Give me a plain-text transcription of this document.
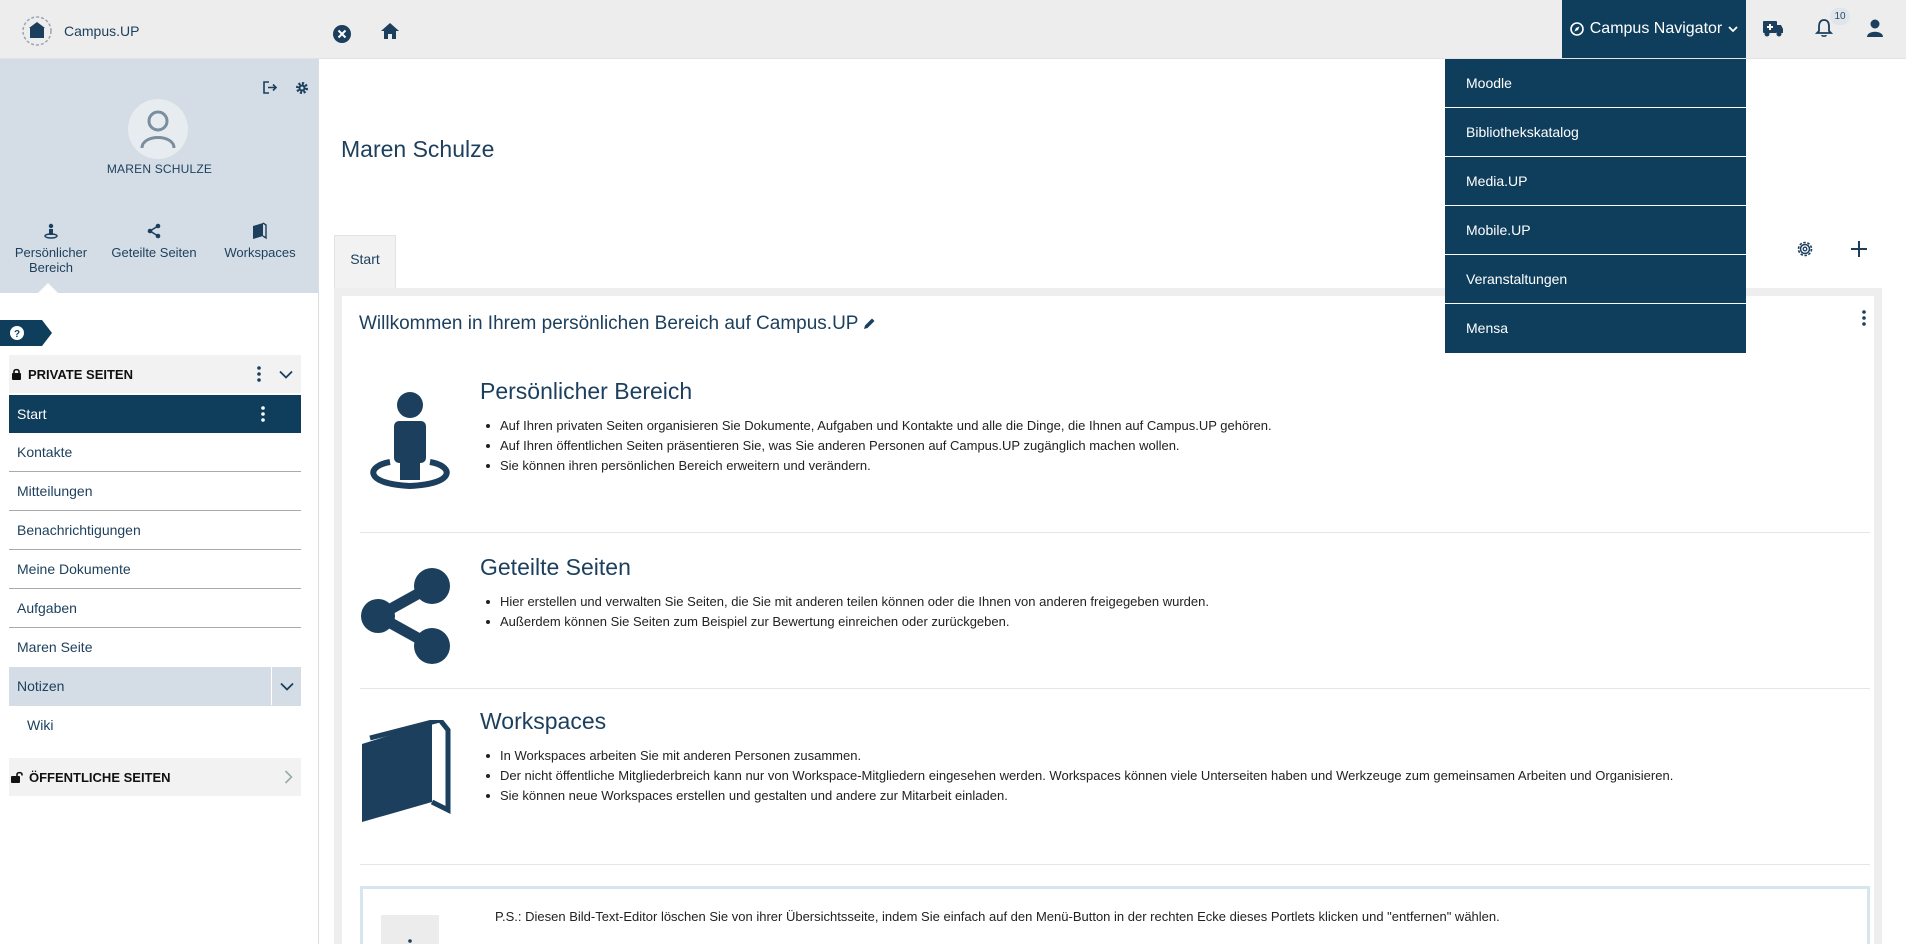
Campus.UP	Campus Navigator
10
Moodle
Bibliothekskatalog
Media.UP
Mobile.UP
Veranstaltungen
Mensa
MAREN SCHULZE
Persönlicher Bereich
Geteilte Seiten	Workspaces
?
PRIVATE SEITEN
Start
Kontakte
Mitteilungen
Benachrichtigungen
Meine Dokumente
Aufgaben
Maren Seite
Notizen
Wiki
ÖFFENTLICHE SEITEN
Maren Schulze
Start
Willkommen in Ihrem persönlichen Bereich auf Campus.UP
Persönlicher Bereich
Auf Ihren privaten Seiten organisieren Sie Dokumente, Aufgaben und Kontakte und alle die Dinge, die Ihnen auf Campus.UP gehören.
Auf Ihren öffentlichen Seiten präsentieren Sie, was Sie anderen Personen auf Campus.UP zugänglich machen wollen.
Sie können ihren persönlichen Bereich erweitern und verändern.
Geteilte Seiten
Hier erstellen und verwalten Sie Seiten, die Sie mit anderen teilen können oder die Ihnen von anderen freigegeben wurden.
Außerdem können Sie Seiten zum Beispiel zur Bewertung einreichen oder zurückgeben.
Workspaces
In Workspaces arbeiten Sie mit anderen Personen zusammen.
Der nicht öffentliche Mitgliederbreich kann nur von Workspace-Mitgliedern eingesehen werden. Workspaces können viele Unterseiten haben und Werkzeuge zum gemeinsamen Arbeiten und Organisieren.
Sie können neue Workspaces erstellen und gestalten und andere zur Mitarbeit einladen.
P.S.: Diesen Bild-Text-Editor löschen Sie von ihrer Übersichtsseite, indem Sie einfach auf den Menü-Button in der rechten Ecke dieses Portlets klicken und "entfernen" wählen.
